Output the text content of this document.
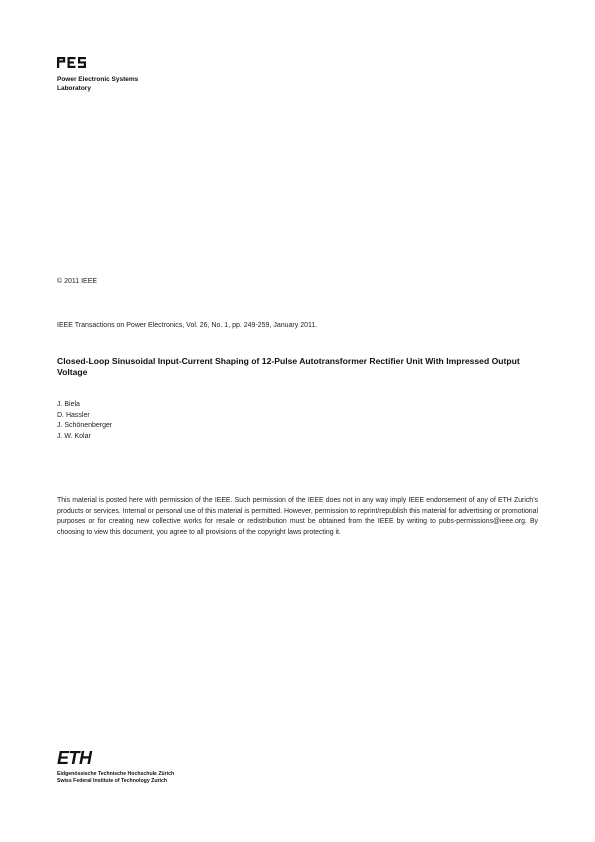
Power Electronic Systems
Laboratory
© 2011 IEEE
IEEE Transactions on Power Electronics, Vol. 26, No. 1, pp. 249-259, January 2011.
Closed-Loop Sinusoidal Input-Current Shaping of 12-Pulse Autotransformer Rectifier Unit With Impressed Output Voltage
J. Biela
D. Hassler
J. Schönenberger
J. W. Kolar

This material is posted here with permission of the IEEE. Such permission of the IEEE does not in any way imply IEEE endorsement of any of ETH Zurich’s products or services. Internal or personal use of this material is permitted. However, permission to reprint/republish this material for advertising or promotional purposes or for creating new collective works for resale or redistribution must be obtained from the IEEE by writing to pubs-permissions@ieee.org. By choosing to view this document, you agree to all provisions of the copyright laws protecting it.

ETH
Eidgenössische Technische Hochschule Zürich
Swiss Federal Institute of Technology Zurich
